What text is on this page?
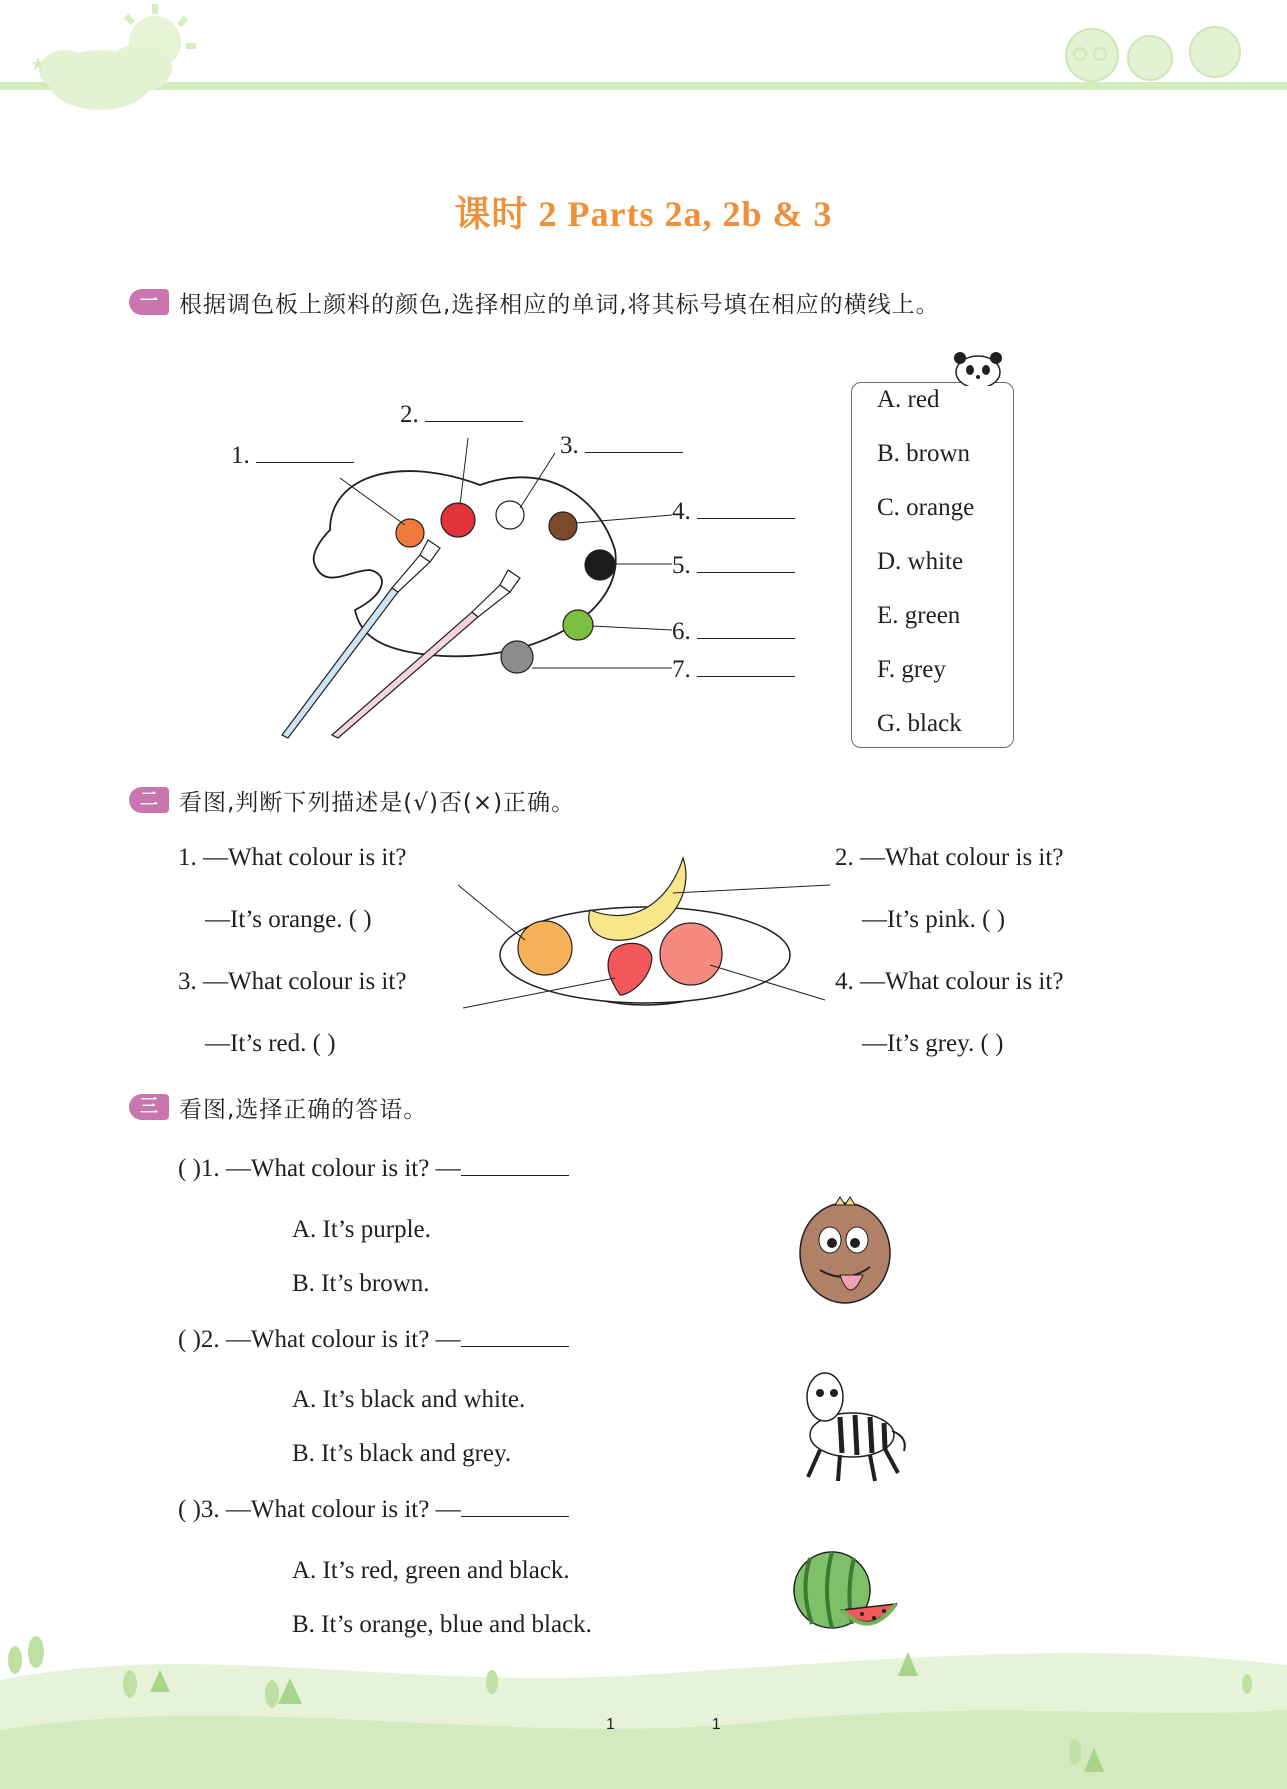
★
课时 2 Parts 2a, 2b & 3
一 根据调色板上颜料的颜色,选择相应的单词,将其标号填在相应的横线上。
1.
2.
3.
4.
5.
6.
7.
A. red
B. brown
C. orange
D. white
E. green
F. grey
G. black
二 看图,判断下列描述是(√)否(×)正确。
1. —What colour is it?
—It’s orange. ( )
2. —What colour is it?
—It’s pink. ( )
3. —What colour is it?
—It’s red. ( )
4. —What colour is it?
—It’s grey. ( )
三 看图,选择正确的答语。
( )1. —What colour is it? —
A. It’s purple.
B. It’s brown.
( )2. —What colour is it? —
A. It’s black and white.
B. It’s black and grey.
( )3. —What colour is it? —
A. It’s red, green and black.
B. It’s orange, blue and black.
1  1
